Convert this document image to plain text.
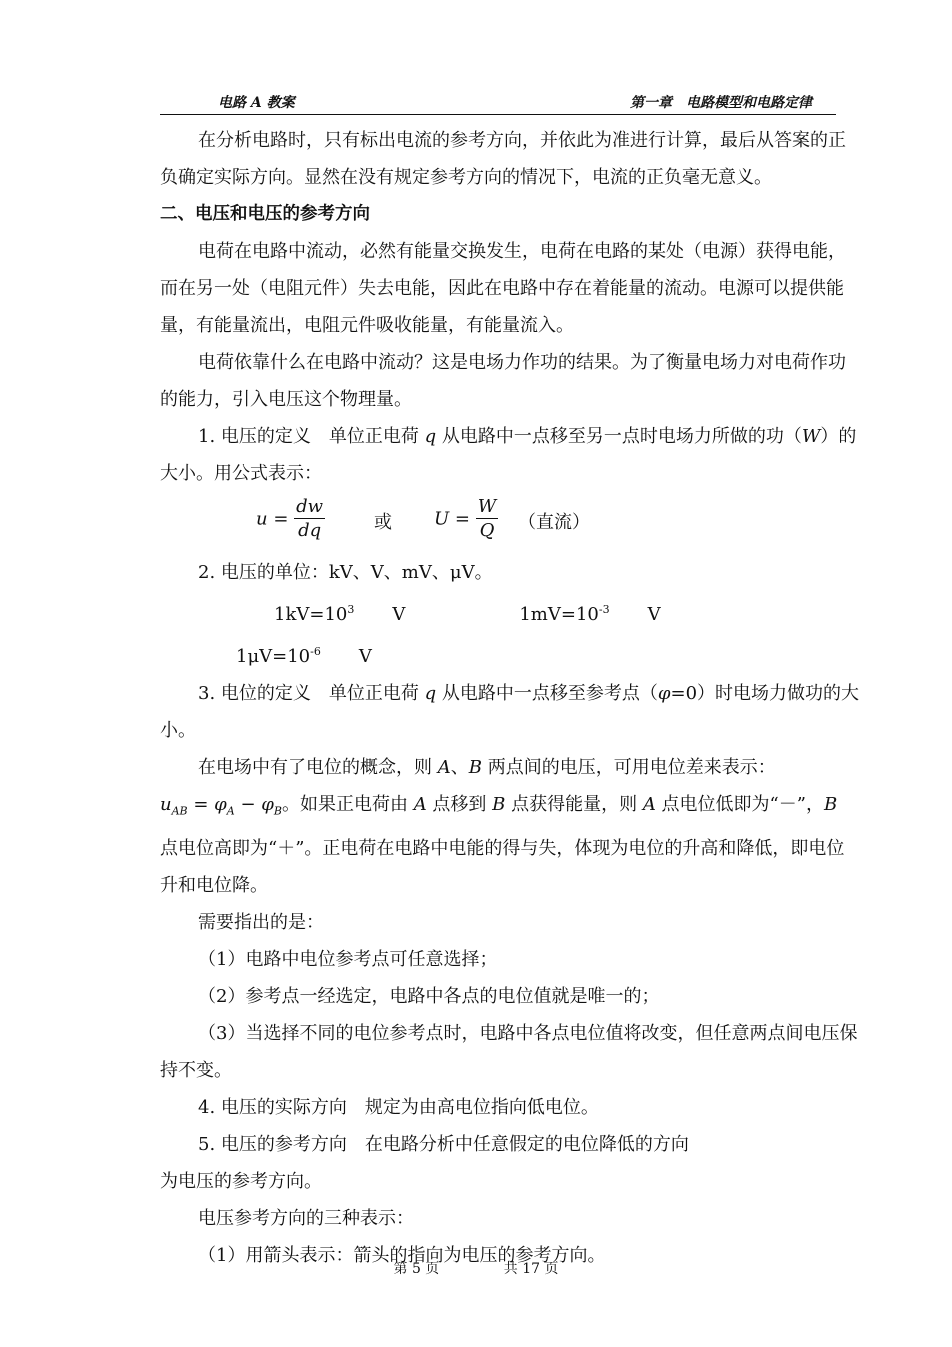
电路 A 教案	第一章　电路模型和电路定律

在分析电路时，只有标出电流的参考方向，并依此为准进行计算，最后从答案的正负确定实际方向。显然在没有规定参考方向的情况下，电流的正负毫无意义。

二、电压和电压的参考方向

电荷在电路中流动，必然有能量交换发生，电荷在电路的某处（电源）获得电能，而在另一处（电阻元件）失去电能，因此在电路中存在着能量的流动。电源可以提供能量，有能量流出，电阻元件吸收能量，有能量流入。

电荷依靠什么在电路中流动？这是电场力作功的结果。为了衡量电场力对电荷作功的能力，引入电压这个物理量。

1. 电压的定义　单位正电荷 q 从电路中一点移至另一点时电场力所做的功（W）的大小。用公式表示：

$u = \frac{dw}{dq}$	或 $U = \frac{W}{Q}$ （直流）

2. 电压的单位：kV、V、mV、μV。

$1kV=10^3$ V	$1mV=10^{-3}$ $V1\mu V=10^{-6}$ V

3. 电位的定义　单位正电荷 q 从电路中一点移至参考点（φ=0）时电场力做功的大小。

在电场中有了电位的概念，则 A、B 两点间的电压，可用电位差来表示：

$u_{AB} = \varphi_A - \varphi_B$。如果正电荷由 A 点移到 B 点获得能量，则 A 点电位低即为“－”，B 点电位高即为“＋”。正电荷在电路中电能的得与失，体现为电位的升高和降低，即电位升和电位降。

需要指出的是：

（1）电路中电位参考点可任意选择；

（2）参考点一经选定，电路中各点的电位值就是唯一的；

（3）当选择不同的电位参考点时，电路中各点电位值将改变，但任意两点间电压保持不变。

4. 电压的实际方向　规定为由高电位指向低电位。

5. 电压的参考方向　在电路分析中任意假定的电位降低的方向

为电压的参考方向。

电压参考方向的三种表示：

（1）用箭头表示：箭头的指向为电压的参考方向。

第 5 页	共 17 页
